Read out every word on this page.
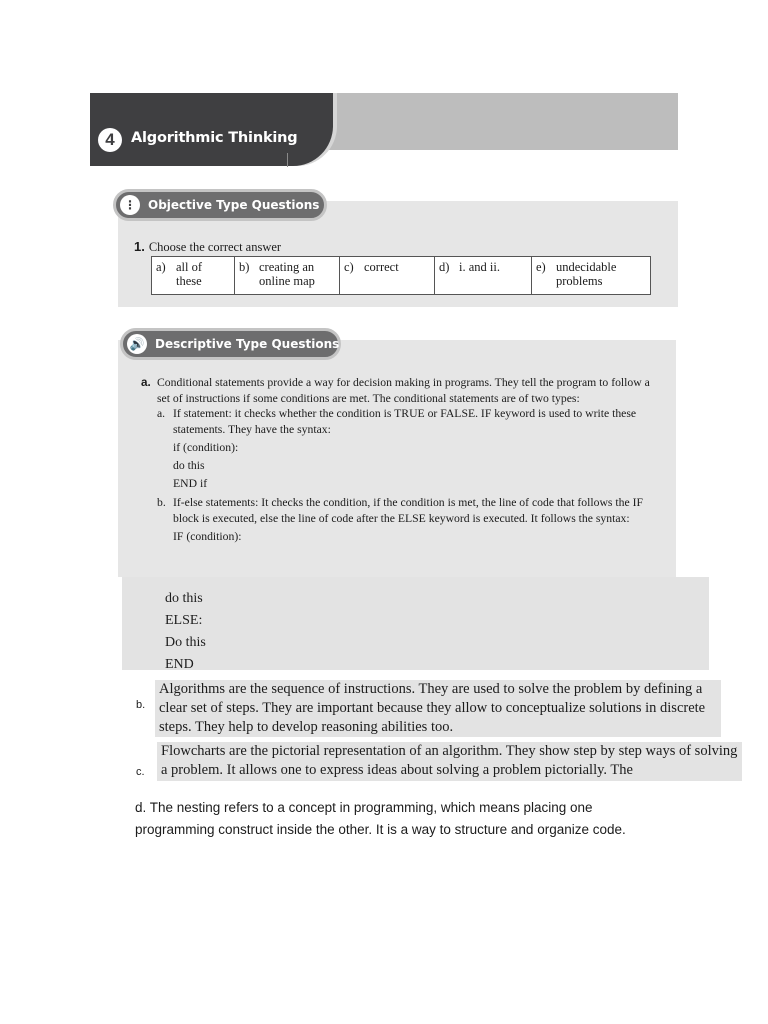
4	Algorithmic Thinking
⋮	Objective Type Questions
1. Choose the correct answer
a) all of these

b) creating an online map

c) correct	d) i. and ii.	e) undecidable problems
🔊 Descriptive Type Questions
a. Conditional statements provide a way for decision making in programs. They tell the program to follow a set of instructions if some conditions are met. The conditional statements are of two types:
a. If statement: it checks whether the condition is TRUE or FALSE. IF keyword is used to write these statements. They have the syntax:
if (condition):
do this
END if
b. If-else statements: It checks the condition, if the condition is met, the line of code that follows the IF block is executed, else the line of code after the ELSE keyword is executed. It follows the syntax:
IF (condition):
do this
ELSE:
Do this
END
b.
Algorithms are the sequence of instructions. They are used to solve the problem by defining a clear set of steps. They are important because they allow to conceptualize solutions in discrete steps. They help to develop reasoning abilities too.
c.
Flowcharts are the pictorial representation of an algorithm. They show step by step ways of solving a problem. It allows one to express ideas about solving a problem pictorially. The
d. The nesting refers to a concept in programming, which means placing one
programming construct inside the other. It is a way to structure and organize code.
